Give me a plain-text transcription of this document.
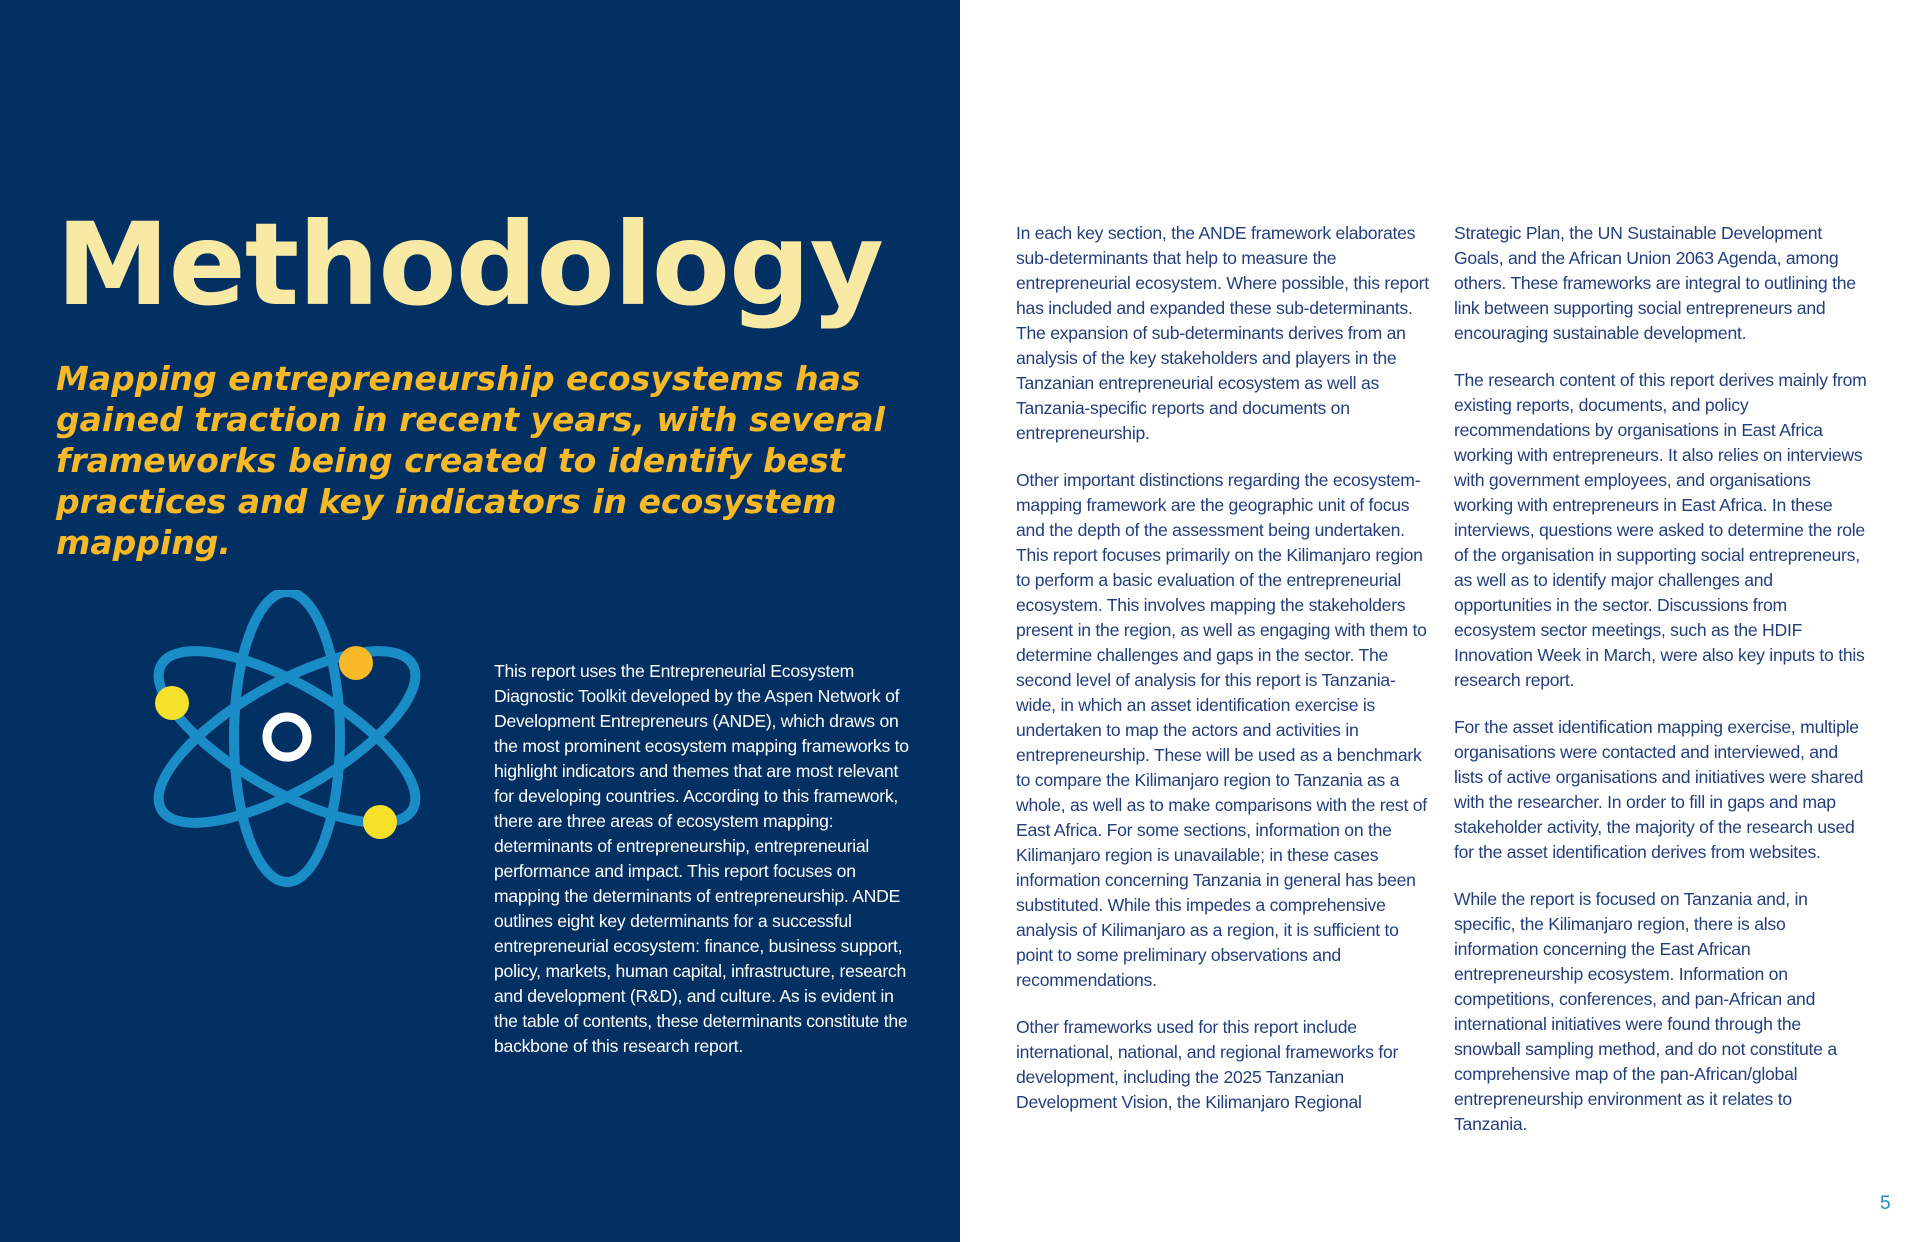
Methodology
Mapping entrepreneurship ecosystems has gained traction in recent years, with several frameworks being created to identify best practices and key indicators in ecosystem mapping.

This report uses the Entrepreneurial Ecosystem Diagnostic Toolkit developed by the Aspen Network of Development Entrepreneurs (ANDE), which draws on the most prominent ecosystem mapping frameworks to highlight indicators and themes that are most relevant for developing countries. According to this framework, there are three areas of ecosystem mapping: determinants of entrepreneurship, entrepreneurial performance and impact. This report focuses on mapping the determinants of entrepreneurship. ANDE outlines eight key determinants for a successful entrepreneurial ecosystem: finance, business support, policy, markets, human capital, infrastructure, research and development (R&D), and culture. As is evident in the table of contents, these determinants constitute the backbone of this research report.

In each key section, the ANDE framework elaborates sub-determinants that help to measure the entrepreneurial ecosystem. Where possible, this report has included and expanded these sub-determinants. The expansion of sub-determinants derives from an analysis of the key stakeholders and players in the Tanzanian entrepreneurial ecosystem as well as Tanzania-specific reports and documents on entrepreneurship.

Other important distinctions regarding the ecosystem-mapping framework are the geographic unit of focus and the depth of the assessment being undertaken. This report focuses primarily on the Kilimanjaro region to perform a basic evaluation of the entrepreneurial ecosystem. This involves mapping the stakeholders present in the region, as well as engaging with them to determine challenges and gaps in the sector. The second level of analysis for this report is Tanzania-wide, in which an asset identification exercise is undertaken to map the actors and activities in entrepreneurship. These will be used as a benchmark to compare the Kilimanjaro region to Tanzania as a whole, as well as to make comparisons with the rest of East Africa. For some sections, information on the Kilimanjaro region is unavailable; in these cases information concerning Tanzania in general has been substituted. While this impedes a comprehensive analysis of Kilimanjaro as a region, it is sufficient to point to some preliminary observations and recommendations.

Other frameworks used for this report include international, national, and regional frameworks for development, including the 2025 Tanzanian Development Vision, the Kilimanjaro Regional

Strategic Plan, the UN Sustainable Development Goals, and the African Union 2063 Agenda, among others. These frameworks are integral to outlining the link between supporting social entrepreneurs and encouraging sustainable development.

The research content of this report derives mainly from existing reports, documents, and policy recommendations by organisations in East Africa working with entrepreneurs. It also relies on interviews with government employees, and organisations working with entrepreneurs in East Africa. In these interviews, questions were asked to determine the role of the organisation in supporting social entrepreneurs, as well as to identify major challenges and opportunities in the sector. Discussions from ecosystem sector meetings, such as the HDIF Innovation Week in March, were also key inputs to this research report.

For the asset identification mapping exercise, multiple organisations were contacted and interviewed, and lists of active organisations and initiatives were shared with the researcher. In order to fill in gaps and map stakeholder activity, the majority of the research used for the asset identification derives from websites.

While the report is focused on Tanzania and, in specific, the Kilimanjaro region, there is also information concerning the East African entrepreneurship ecosystem. Information on competitions, conferences, and pan-African and international initiatives were found through the snowball sampling method, and do not constitute a comprehensive map of the pan-African/global entrepreneurship environment as it relates to Tanzania.

5
